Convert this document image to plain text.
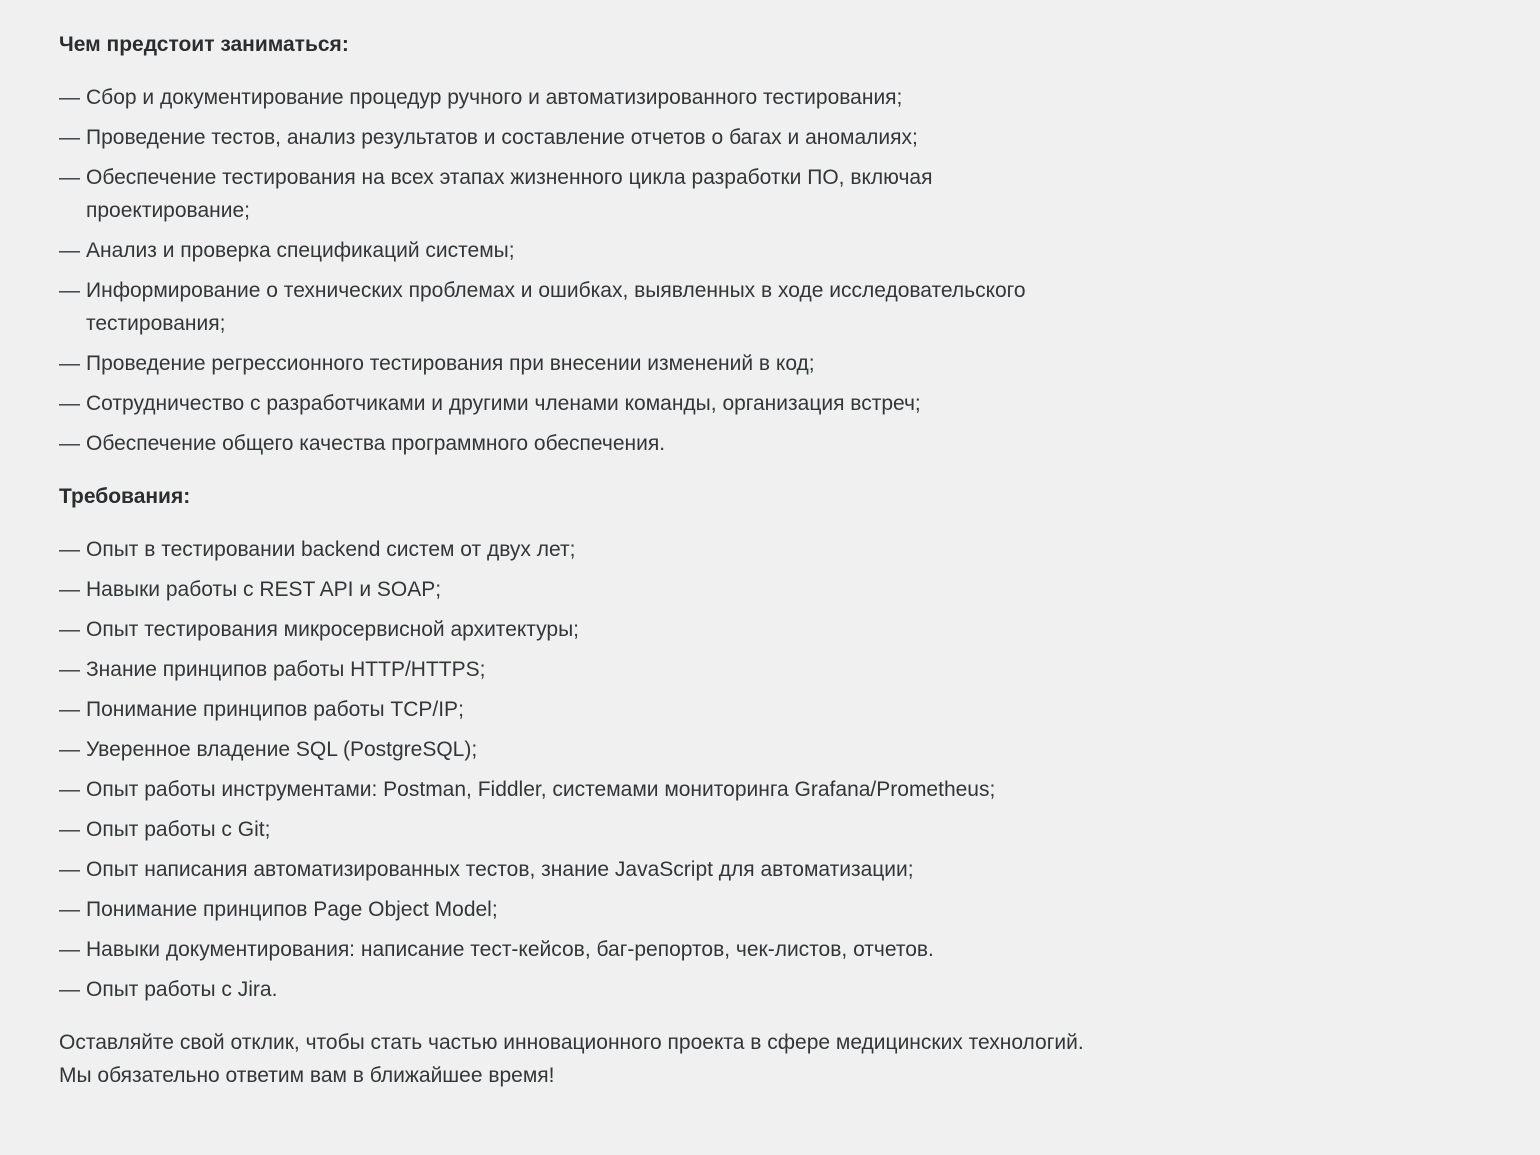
Чем предстоит заниматься:
— Сбор и документирование процедур ручного и автоматизированного тестирования;
— Проведение тестов, анализ результатов и составление отчетов о багах и аномалиях;
— Обеспечение тестирования на всех этапах жизненного цикла разработки ПО, включая проектирование;
— Анализ и проверка спецификаций системы;
— Информирование о технических проблемах и ошибках, выявленных в ходе исследовательского тестирования;
— Проведение регрессионного тестирования при внесении изменений в код;
— Сотрудничество с разработчиками и другими членами команды, организация встреч;
— Обеспечение общего качества программного обеспечения.
Требования:
— Опыт в тестировании backend систем от двух лет;
— Навыки работы с REST API и SOAP;
— Опыт тестирования микросервисной архитектуры;
— Знание принципов работы HTTP/HTTPS;
— Понимание принципов работы TCP/IP;
— Уверенное владение SQL (PostgreSQL);
— Опыт работы инструментами: Postman, Fiddler, системами мониторинга Grafana/Prometheus;
— Опыт работы с Git;
— Опыт написания автоматизированных тестов, знание JavaScript для автоматизации;
— Понимание принципов Page Object Model;
— Навыки документирования: написание тест-кейсов, баг-репортов, чек-листов, отчетов.
— Опыт работы с Jira.

Оставляйте свой отклик, чтобы стать частью инновационного проекта в сфере медицинских технологий. Мы обязательно ответим вам в ближайшее время!
